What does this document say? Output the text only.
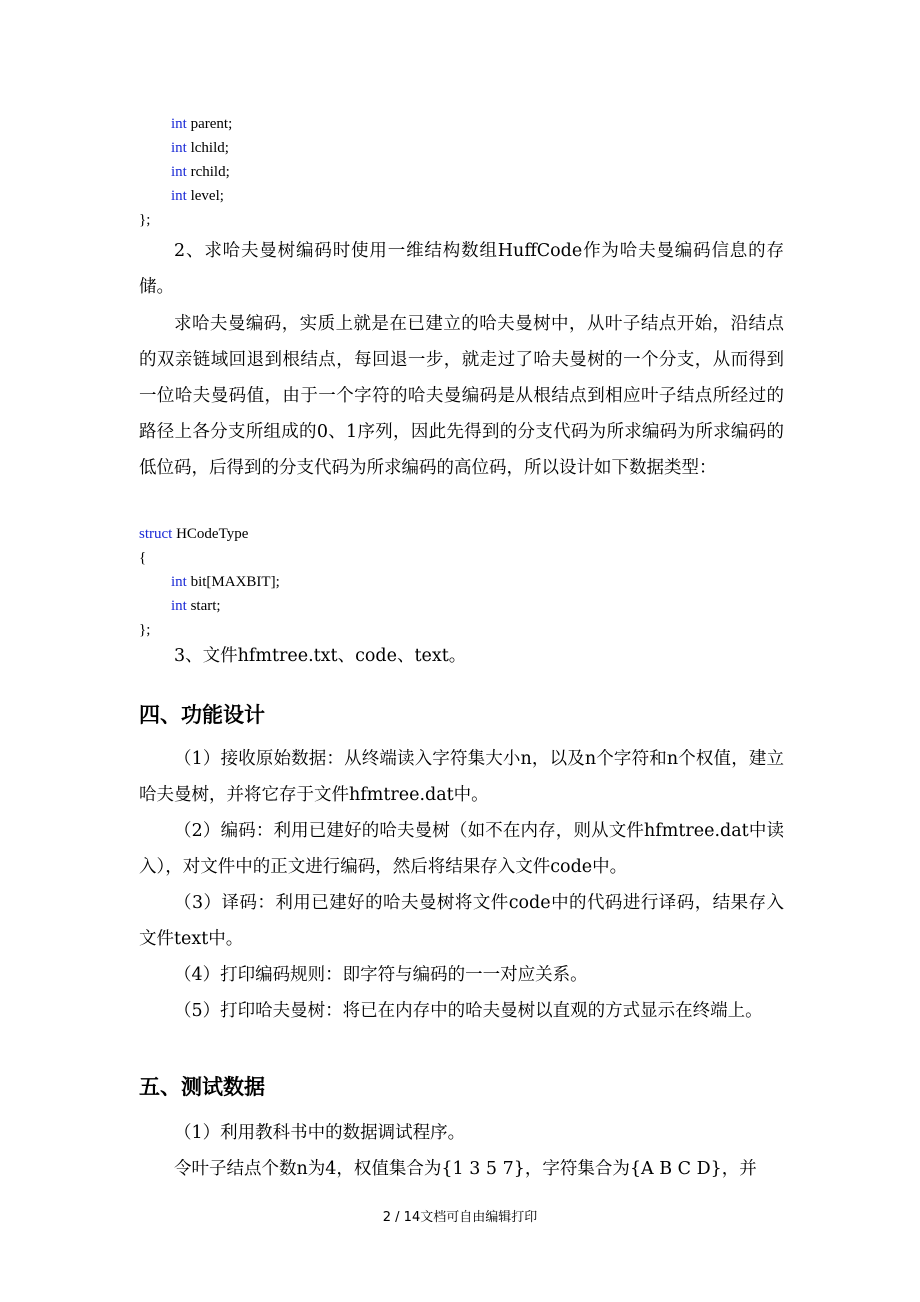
int parent;
int lchild;
int rchild;
int level;
};
2、求哈夫曼树编码时使用一维结构数组HuffCode作为哈夫曼编码信息的存储。
求哈夫曼编码，实质上就是在已建立的哈夫曼树中，从叶子结点开始，沿结点的双亲链域回退到根结点，每回退一步，就走过了哈夫曼树的一个分支，从而得到一位哈夫曼码值，由于一个字符的哈夫曼编码是从根结点到相应叶子结点所经过的路径上各分支所组成的0、1序列，因此先得到的分支代码为所求编码为所求编码的低位码，后得到的分支代码为所求编码的高位码，所以设计如下数据类型：
struct HCodeType
{
int bit[MAXBIT];
int start;
};
3、文件hfmtree.txt、code、text。
四、功能设计
（1）接收原始数据：从终端读入字符集大小n，以及n个字符和n个权值，建立哈夫曼树，并将它存于文件hfmtree.dat中。
（2）编码：利用已建好的哈夫曼树（如不在内存，则从文件hfmtree.dat中读入），对文件中的正文进行编码，然后将结果存入文件code中。
（3）译码：利用已建好的哈夫曼树将文件code中的代码进行译码，结果存入文件text中。
（4）打印编码规则：即字符与编码的一一对应关系。
（5）打印哈夫曼树：将已在内存中的哈夫曼树以直观的方式显示在终端上。
五、测试数据
（1）利用教科书中的数据调试程序。
令叶子结点个数n为4，权值集合为{1 3 5 7}，字符集合为{A B C D}，并
2 / 14文档可自由编辑打印
